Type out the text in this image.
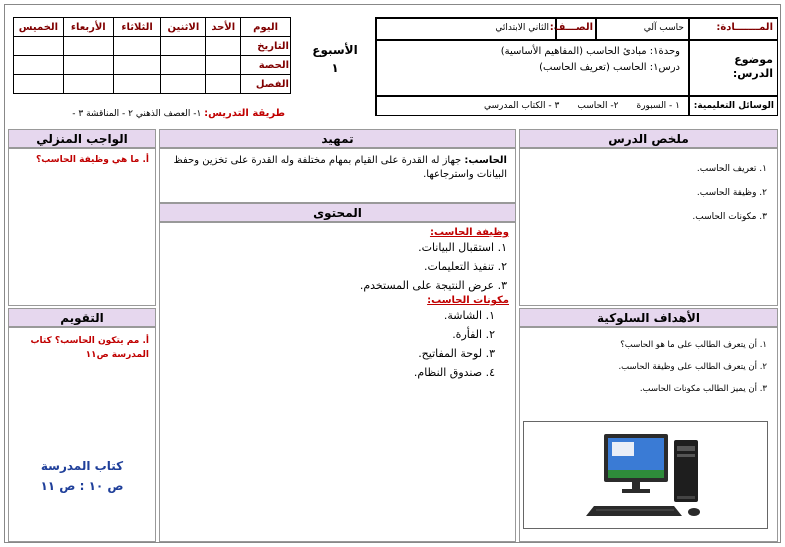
الخميس	الأربعاء	الثلاثاء	الاثنين	الأحد	اليوم
					التاريخ
					الحصة
					الفصل
الأسبوع
١
طريقة التدريس: ١- العصف الذهني ٢ - المناقشة ٣ -
المـــــــادة:
حاسب آلي
الصـــف:
الثاني الابتدائي
موضوع الدرس:
وحدة١: مبادئ الحاسب (المفاهيم الأساسية)
درس١: الحاسب (تعريف الحاسب)
الوسائل التعليمية:
١ - السبورة
٢- الحاسب
٣ - الكتاب المدرسي
الواجب المنزلي	تمهيد	ملخص الدرس
أ. ما هي وظيفة الحاسب؟	الحاسب: جهاز له القدرة على القيام بمهام مختلفة وله القدرة على تخزين وحفظ البيانات واسترجاعها.
المحتوى
وظيفة الحاسب:
١. استقبال البيانات.
٢. تنفيذ التعليمات.
٣. عرض النتيجة على المستخدم.
مكونات الحاسب:
١. الشاشة.
٢. الفأرة.
٣. لوحة المفاتيح.
٤. صندوق النظام.
١. تعريف الحاسب.
٢. وظيفة الحاسب.
٣. مكونات الحاسب.
التقويم
أ. مم يتكون الحاسب؟ كتاب المدرسة ص١١
كتاب المدرسة
ص ١٠ : ص ١١
الأهداف السلوكية
١. أن يتعرف الطالب على ما هو الحاسب؟
٢. أن يتعرف الطالب على وظيفة الحاسب.
٣. أن يميز الطالب مكونات الحاسب.
